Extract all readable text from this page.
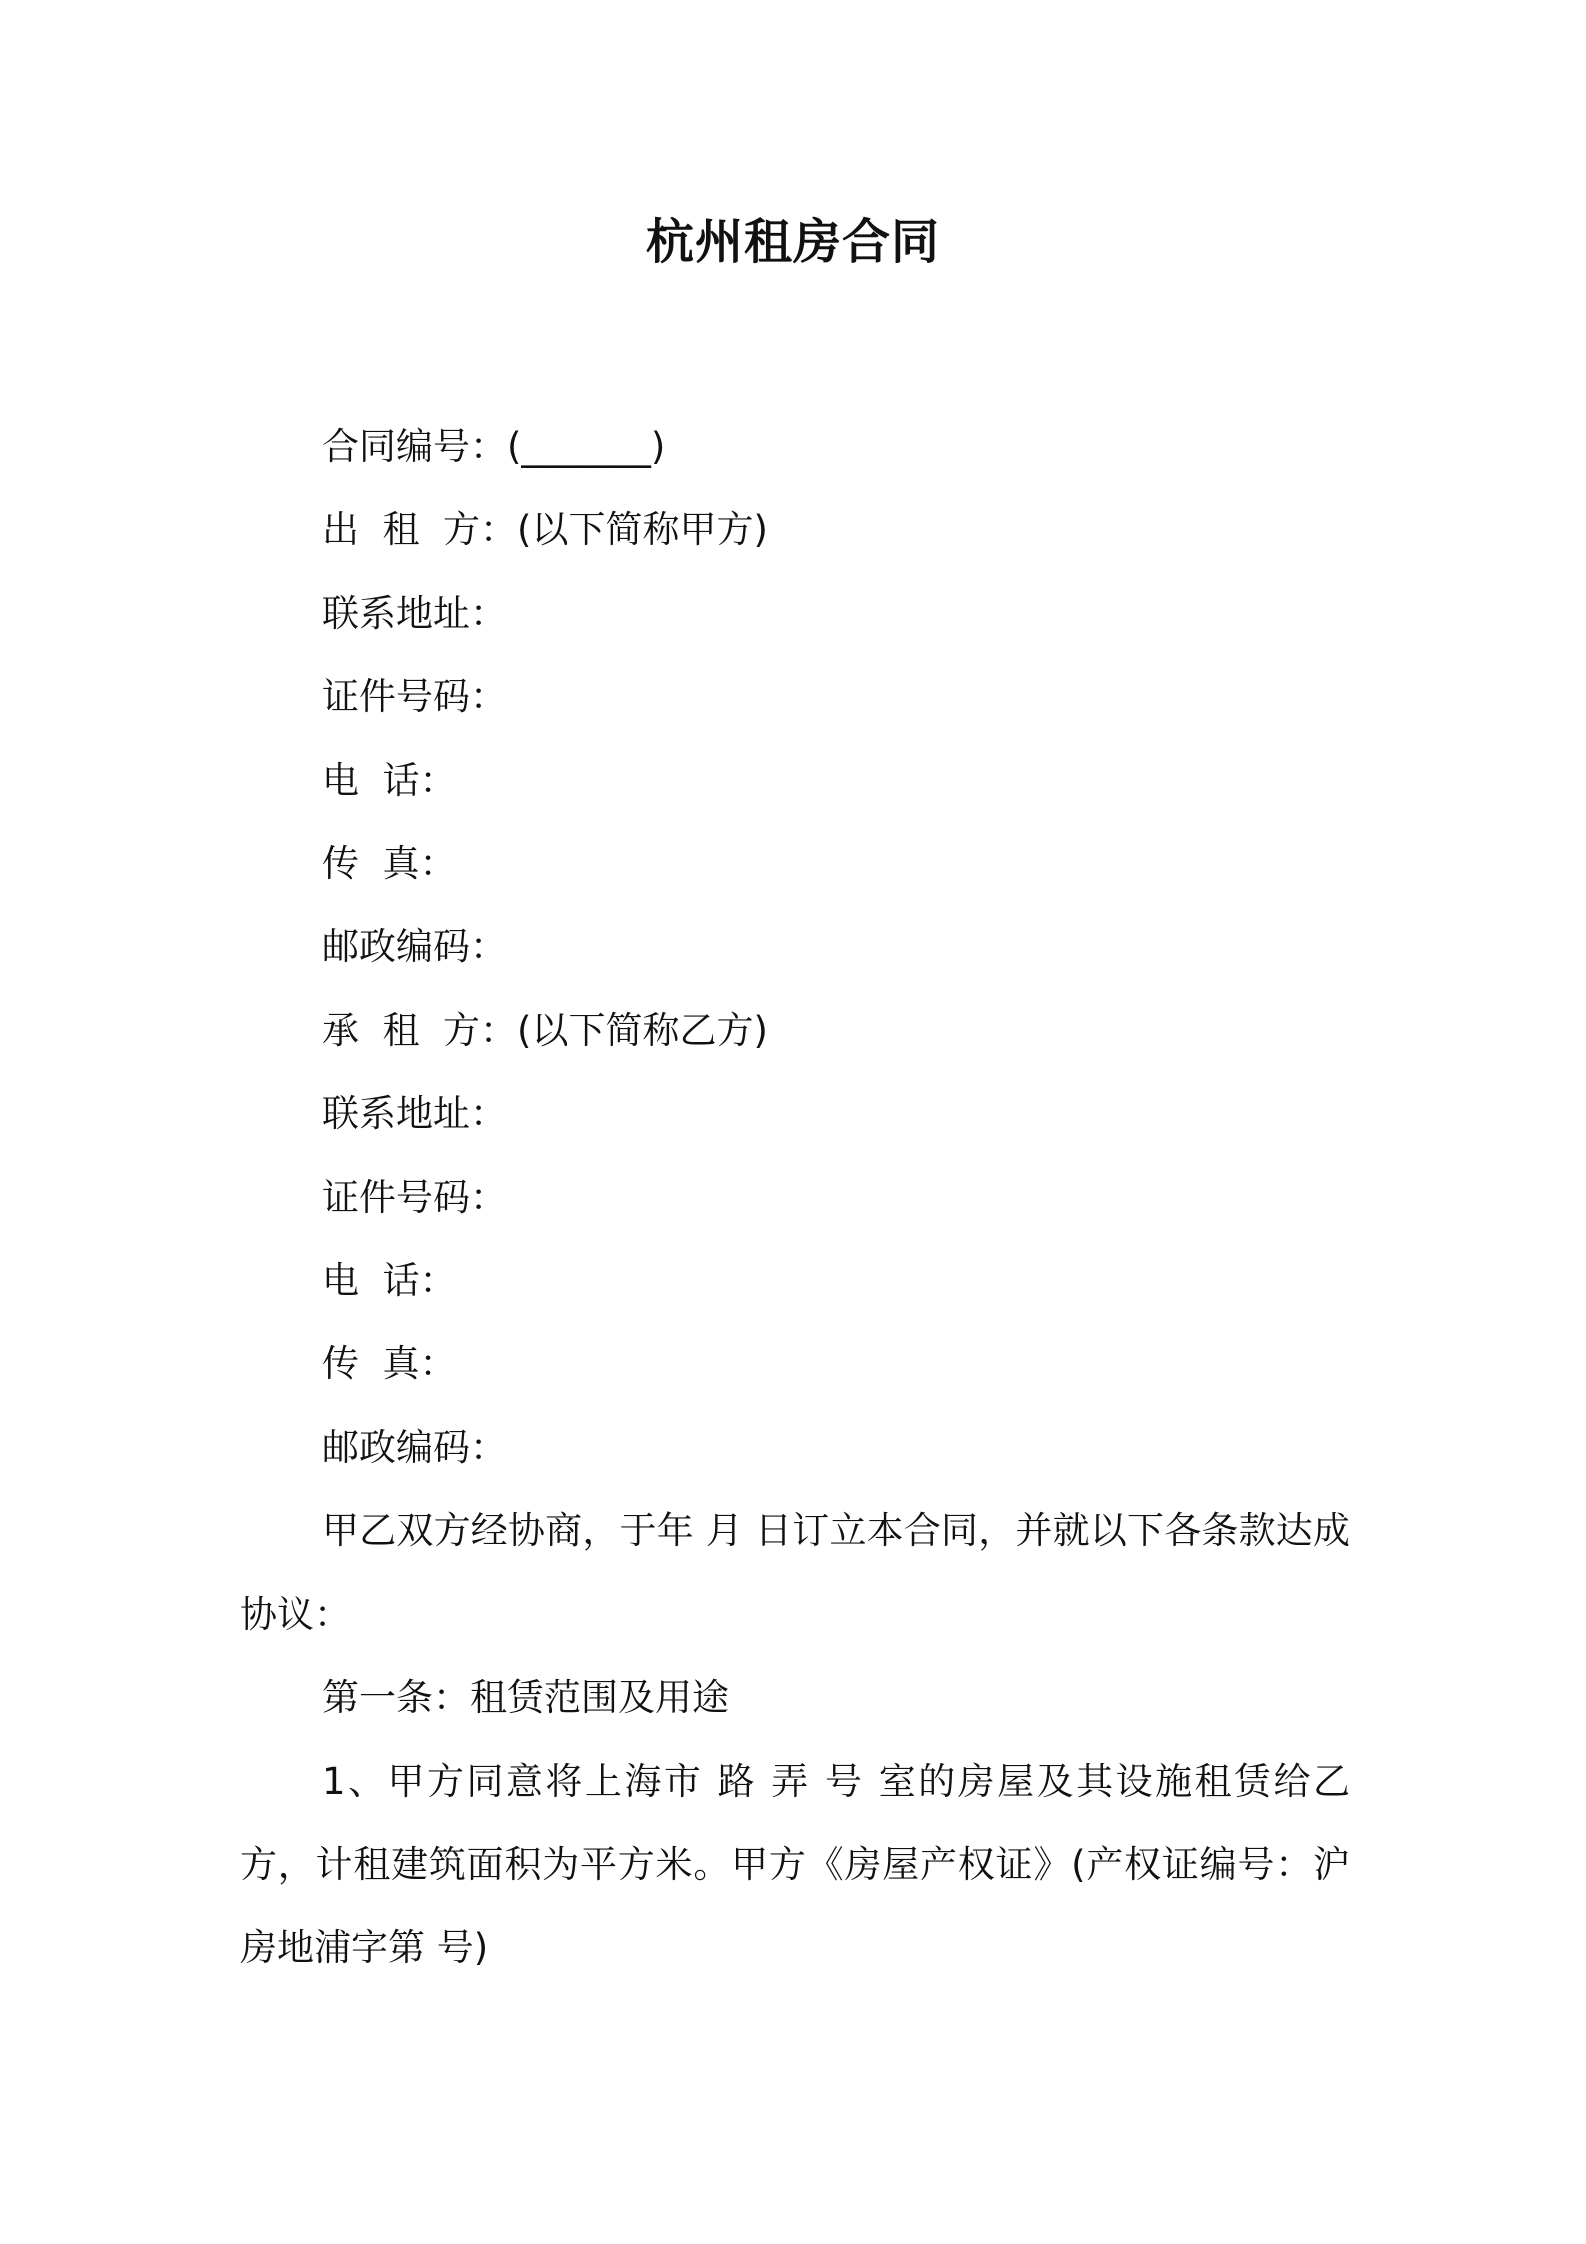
杭州租房合同

合同编号：(_______)

出  租  方：(以下简称甲方)

联系地址：

证件号码：

电  话：

传  真：

邮政编码：

承  租  方：(以下简称乙方)

联系地址：

证件号码：

电  话：

传  真：

邮政编码：

甲乙双方经协商，于年 月 日订立本合同，并就以下各条款达成协议：

第一条：租赁范围及用途

1、甲方同意将上海市 路 弄 号 室的房屋及其设施租赁给乙方，计租建筑面积为平方米。甲方《房屋产权证》(产权证编号：沪房地浦字第 号)
